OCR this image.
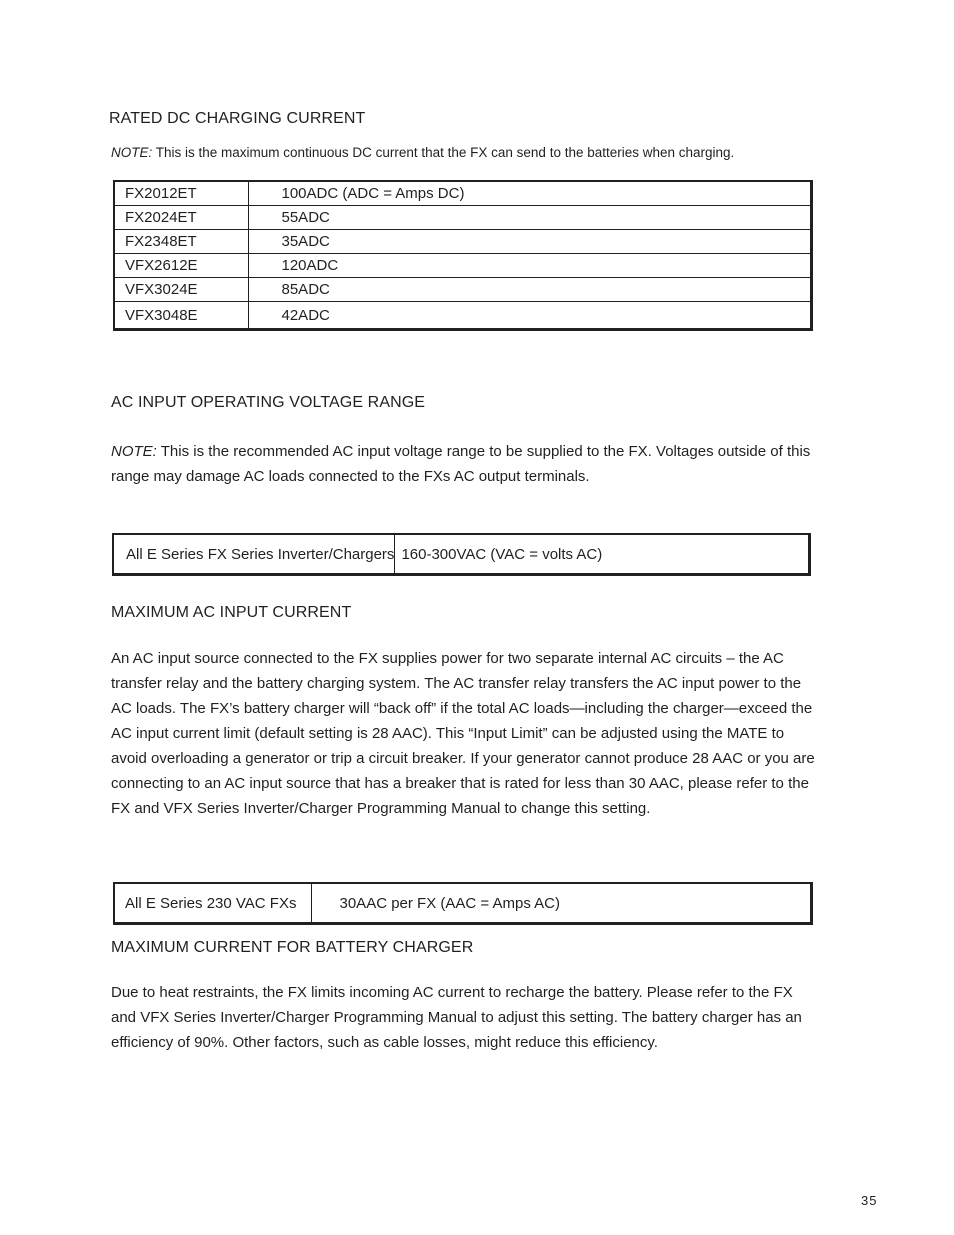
RATED DC CHARGING CURRENT
NOTE: This is the maximum continuous DC current that the FX can send to the batteries when charging.
FX2012ET	100ADC (ADC = Amps DC)
FX2024ET	55ADC
FX2348ET	35ADC
VFX2612E	120ADC
VFX3024E	85ADC
VFX3048E	42ADC
AC INPUT OPERATING VOLTAGE RANGE
NOTE: This is the recommended AC input voltage range to be supplied to the FX. Voltages outside of this range may damage AC loads connected to the FXs AC output terminals.
All E Series FX Series Inverter/Chargers	160-300VAC (VAC = volts AC)
MAXIMUM AC INPUT CURRENT
An AC input source connected to the FX supplies power for two separate internal AC circuits – the AC transfer relay and the battery charging system. The AC transfer relay transfers the AC input power to the AC loads. The FX’s battery charger will “back off” if the total AC loads—including the charger—exceed the AC input current limit (default setting is 28 AAC). This “Input Limit” can be adjusted using the MATE to avoid overloading a generator or trip a circuit breaker. If your generator cannot produce 28 AAC or you are connecting to an AC input source that has a breaker that is rated for less than 30 AAC, please refer to the FX and VFX Series Inverter/Charger Programming Manual to change this setting.
All E Series 230 VAC FXs	30AAC per FX (AAC = Amps AC)
MAXIMUM CURRENT FOR BATTERY CHARGER
Due to heat restraints, the FX limits incoming AC current to recharge the battery. Please refer to the FX and VFX Series Inverter/Charger Programming Manual to adjust this setting. The battery charger has an efficiency of 90%. Other factors, such as cable losses, might reduce this efficiency.
35
